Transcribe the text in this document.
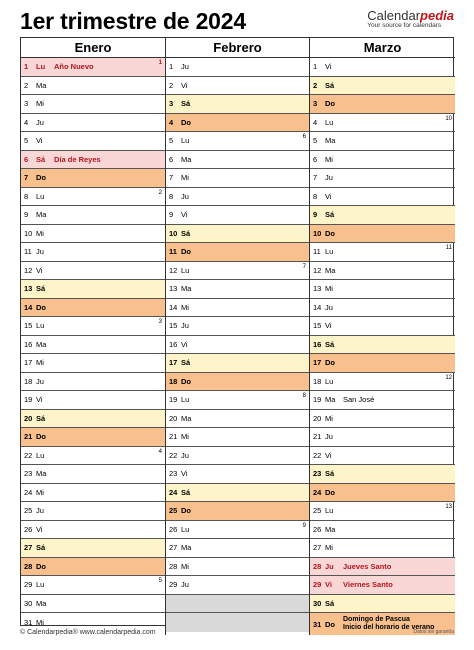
1er trimestre de 2024	Calendarpedia
Your source for calendars
Enero
1	Lu	Año Nuevo	1
2	Ma
3	Mi
4	Ju
5	Vi
6	Sá	Día de Reyes
7	Do
8	Lu	2
9	Ma
10 Mi
11 Ju
12 Vi
13 Sá
14 Do
15 Lu	3
16 Ma
17 Mi
18 Ju
19 Vi
20 Sá
21 Do
22 Lu	4
23 Ma
24 Mi
25 Ju
26 Vi
27 Sá
28 Do
29 Lu	5
30 Ma
31 Mi
Febrero
1	Ju
2	Vi
3	Sá
4	Do
5	Lu	6
6	Ma
7	Mi
8	Ju
9	Vi
10 Sá
11 Do
12 Lu	7
13 Ma
14 Mi
15 Ju
16 Vi
17 Sá
18 Do
19 Lu	8
20 Ma
21 Mi
22 Ju
23 Vi
24 Sá
25 Do
26 Lu	9
27 Ma
28 Mi
29 Ju
Marzo
1	Vi
2	Sá
3	Do
4	Lu	10
5	Ma
6	Mi
7	Ju
8	Vi
9	Sá
10 Do
11 Lu	11
12 Ma
13 Mi
14 Ju
15 Vi
16 Sá
17 Do
18 Lu	12
19 Ma	San José
20 Mi
21 Ju
22 Vi
23 Sá
24 Do
25 Lu	13
26 Ma
27 Mi
28 Ju	Jueves Santo
29 Vi	Viernes Santo
30 Sá
31 Do
Domingo de Pascua
Inicio del horario de verano
© Calendarpedia® www.calendarpedia.com	Datos sin garantía
